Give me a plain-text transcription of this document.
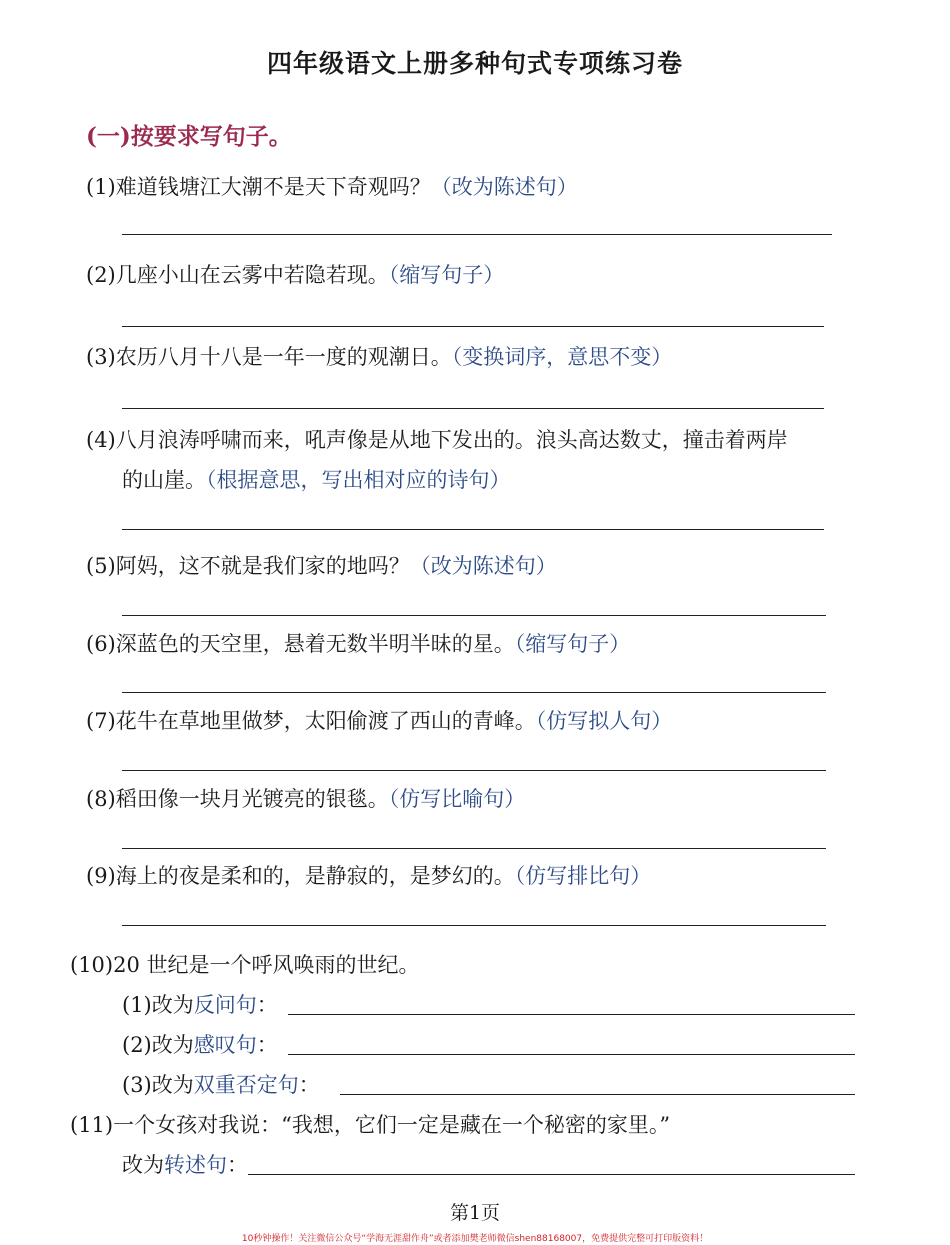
四年级语文上册多种句式专项练习卷
(一)按要求写句子。
(1)难道钱塘江大潮不是天下奇观吗？（改为陈述句）
(2)几座小山在云雾中若隐若现。（缩写句子）
(3)农历八月十八是一年一度的观潮日。（变换词序，意思不变）
(4)八月浪涛呼啸而来，吼声像是从地下发出的。浪头高达数丈，撞击着两岸
的山崖。（根据意思，写出相对应的诗句）
(5)阿妈，这不就是我们家的地吗？（改为陈述句）
(6)深蓝色的天空里，悬着无数半明半昧的星。（缩写句子）
(7)花牛在草地里做梦，太阳偷渡了西山的青峰。（仿写拟人句）
(8)稻田像一块月光镀亮的银毯。（仿写比喻句）
(9)海上的夜是柔和的，是静寂的，是梦幻的。（仿写排比句）
(10)20 世纪是一个呼风唤雨的世纪。
(1)改为反问句：
(2)改为感叹句：
(3)改为双重否定句：
(11)一个女孩对我说：“我想，它们一定是藏在一个秘密的家里。”
改为转述句：
第1页
10秒钟操作！关注微信公众号“学海无涯甜作舟”或者添加樊老师微信shen88168007，免费提供完整可打印版资料！
